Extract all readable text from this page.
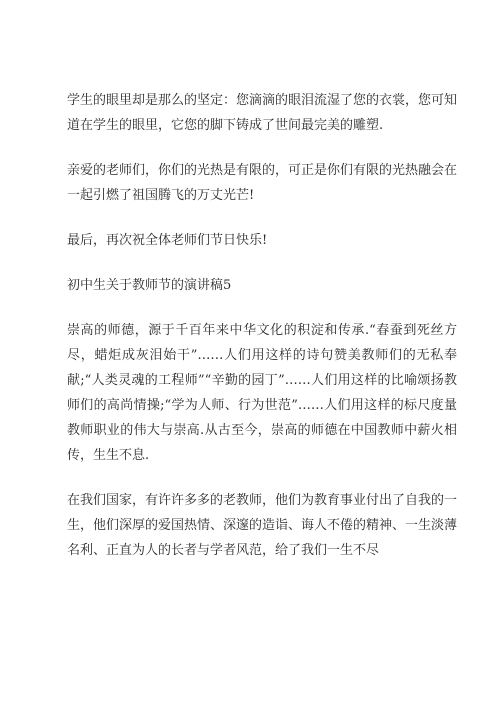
学生的眼里却是那么的坚定：您滴滴的眼泪流湿了您的衣裳，您可知道在学生的眼里，它您的脚下铸成了世间最完美的雕塑.

亲爱的老师们，你们的光热是有限的，可正是你们有限的光热融会在一起引燃了祖国腾飞的万丈光芒!

最后，再次祝全体老师们节日快乐!

初中生关于教师节的演讲稿5

崇高的师德，源于千百年来中华文化的积淀和传承.“春蚕到死丝方尽，蜡炬成灰泪始干”……人们用这样的诗句赞美教师们的无私奉献;“人类灵魂的工程师”“辛勤的园丁”……人们用这样的比喻颂扬教师们的高尚情操;“学为人师、行为世范”……人们用这样的标尺度量教师职业的伟大与崇高.从古至今，崇高的师德在中国教师中薪火相传，生生不息.

在我们国家，有许许多多的老教师，他们为教育事业付出了自我的一生，他们深厚的爱国热情、深邃的造诣、诲人不倦的精神、一生淡薄名利、正直为人的长者与学者风范，给了我们一生不尽
